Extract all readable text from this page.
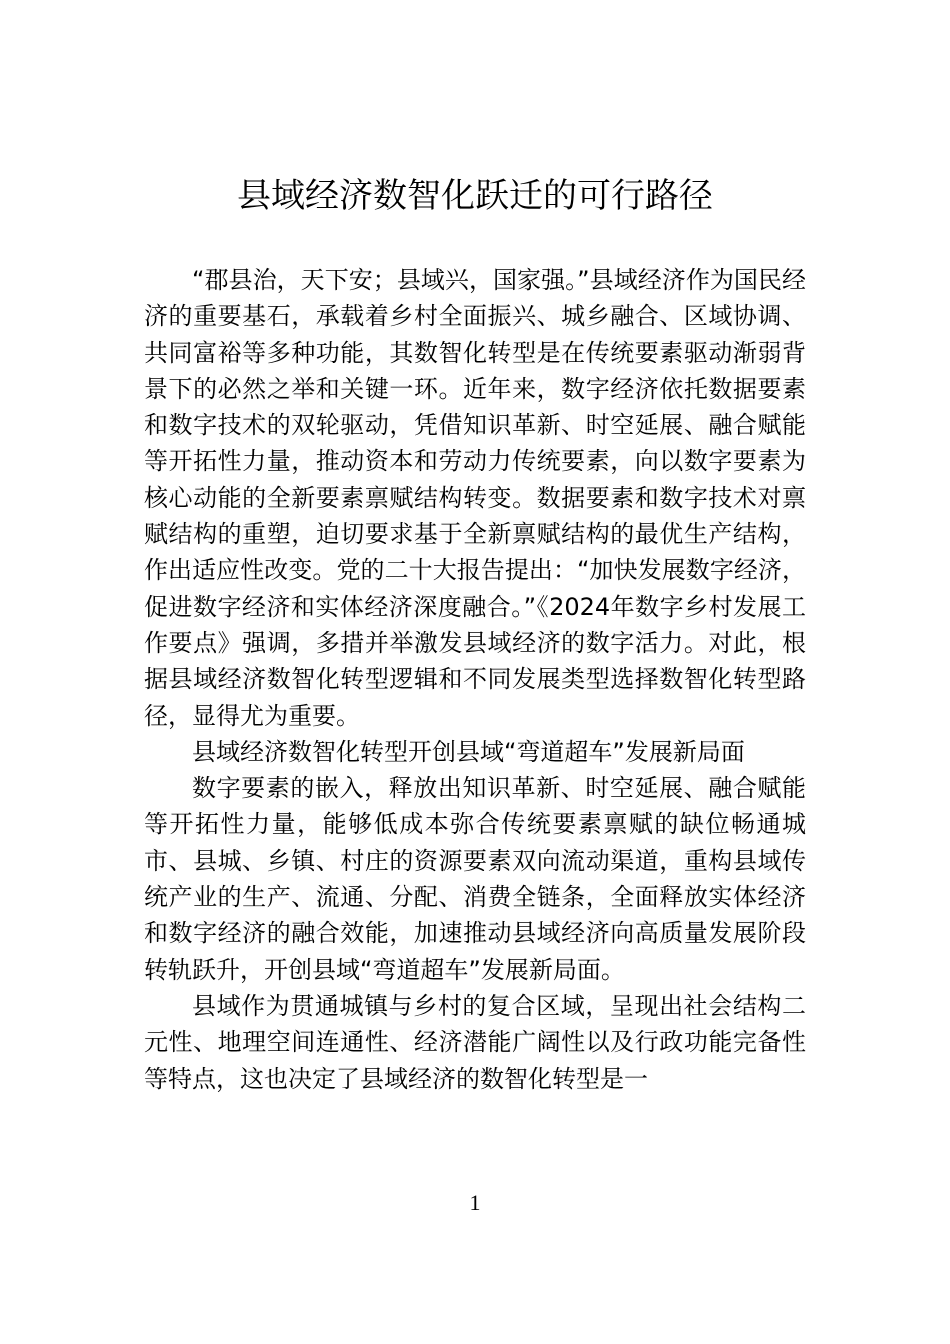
县域经济数智化跃迁的可行路径

“郡县治，天下安；县域兴，国家强。”县域经济作为国民经济的重要基石，承载着乡村全面振兴、城乡融合、区域协调、共同富裕等多种功能，其数智化转型是在传统要素驱动渐弱背景下的必然之举和关键一环。近年来，数字经济依托数据要素和数字技术的双轮驱动，凭借知识革新、时空延展、融合赋能等开拓性力量，推动资本和劳动力传统要素，向以数字要素为核心动能的全新要素禀赋结构转变。数据要素和数字技术对禀赋结构的重塑，迫切要求基于全新禀赋结构的最优生产结构，作出适应性改变。党的二十大报告提出：“加快发展数字经济，促进数字经济和实体经济深度融合。”《2024年数字乡村发展工作要点》强调，多措并举激发县域经济的数字活力。对此，根据县域经济数智化转型逻辑和不同发展类型选择数智化转型路径，显得尤为重要。

县域经济数智化转型开创县域“弯道超车”发展新局面

数字要素的嵌入，释放出知识革新、时空延展、融合赋能等开拓性力量，能够低成本弥合传统要素禀赋的缺位畅通城市、县城、乡镇、村庄的资源要素双向流动渠道，重构县域传统产业的生产、流通、分配、消费全链条，全面释放实体经济和数字经济的融合效能，加速推动县域经济向高质量发展阶段转轨跃升，开创县域“弯道超车”发展新局面。

县域作为贯通城镇与乡村的复合区域，呈现出社会结构二元性、地理空间连通性、经济潜能广阔性以及行政功能完备性等特点，这也决定了县域经济的数智化转型是一

1
